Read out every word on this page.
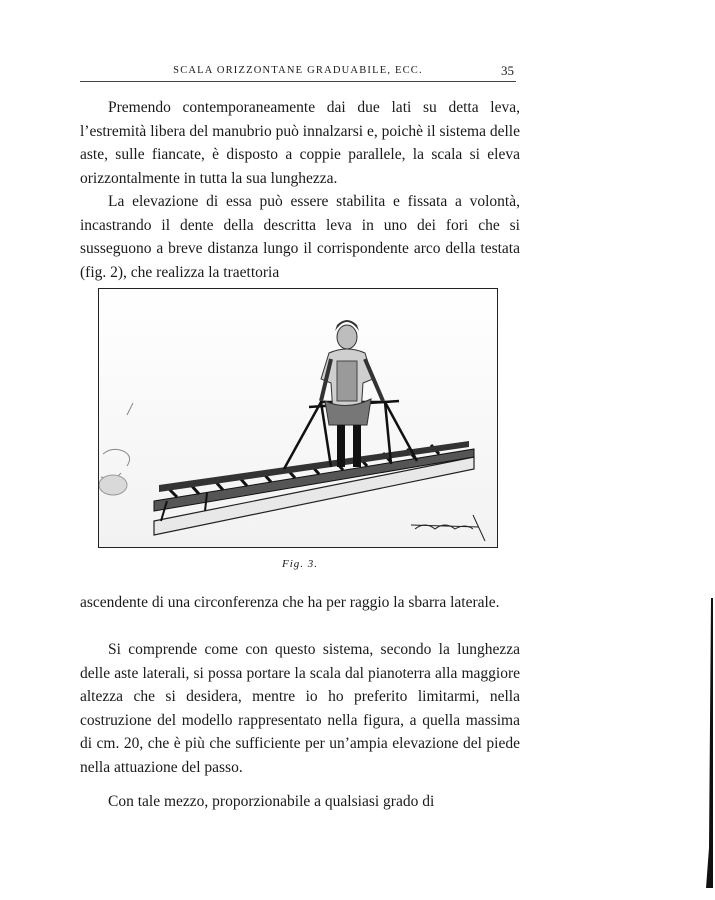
SCALA ORIZZONTANE GRADUABILE, ECC.	35

Premendo contemporaneamente dai due lati su detta leva, l’estremità libera del manubrio può innalzarsi e, poichè il sistema delle aste, sulle fiancate, è disposto a coppie parallele, la scala si eleva orizzontalmente in tutta la sua lunghezza.

La elevazione di essa può essere stabilita e fissata a volontà, incastrando il dente della descritta leva in uno dei fori che si susseguono a breve distanza lungo il corrispondente arco della testata (fig. 2), che realizza la traettoria

Fig. 3.

ascendente di una circonferenza che ha per raggio la sbarra laterale.

Si comprende come con questo sistema, secondo la lunghezza delle aste laterali, si possa portare la scala dal pianoterra alla maggiore altezza che si desidera, mentre io ho preferito limitarmi, nella costruzione del modello rappresentato nella figura, a quella massima di cm. 20, che è più che sufficiente per un’ampia elevazione del piede nella attuazione del passo.

Con tale mezzo, proporzionabile a qualsiasi grado di
